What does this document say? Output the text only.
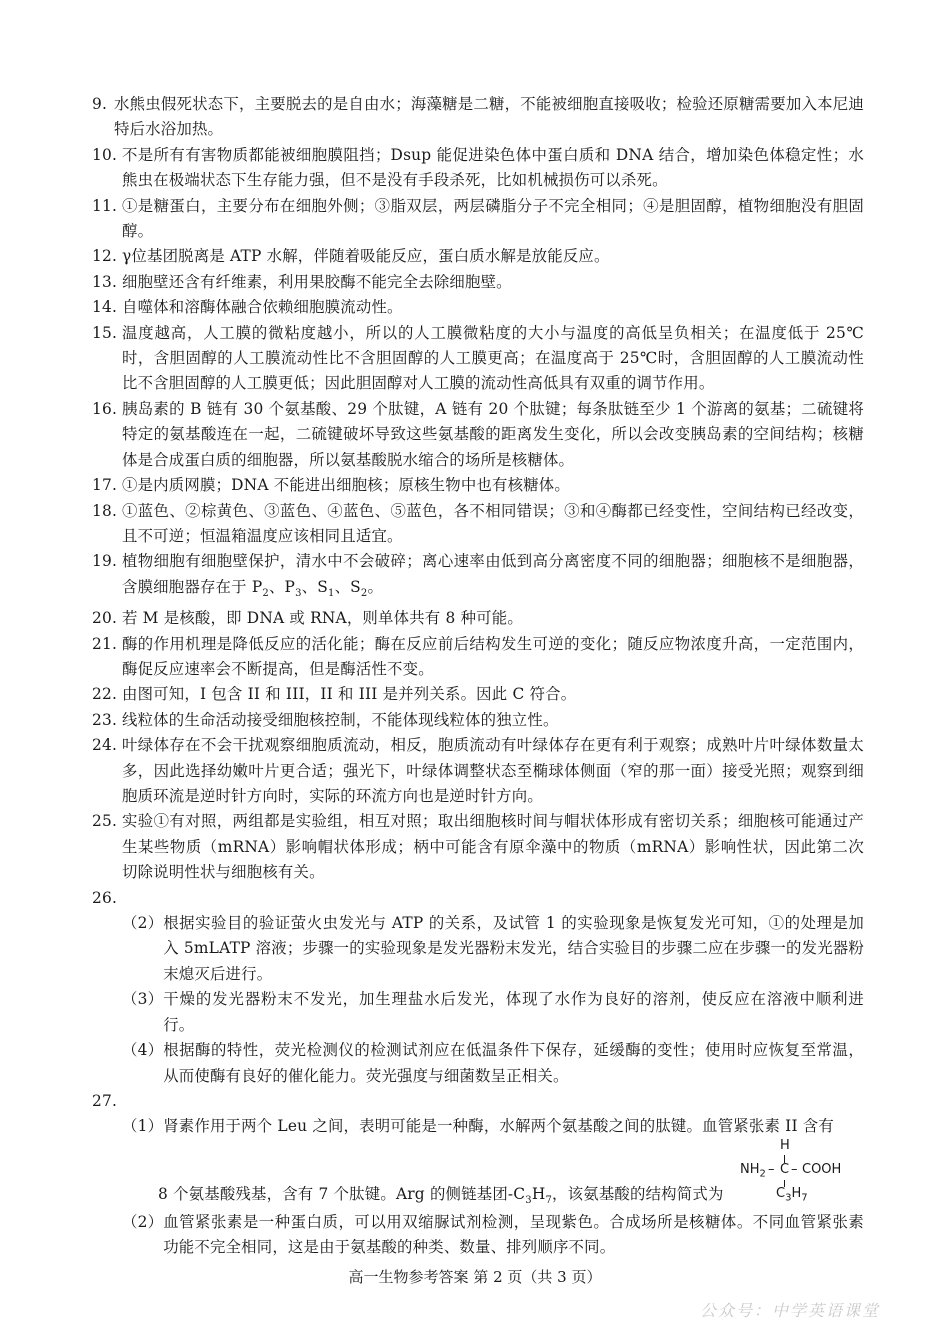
9. 水熊虫假死状态下，主要脱去的是自由水；海藻糖是二糖，不能被细胞直接吸收；检验还原糖需要加入本尼迪特后水浴加热。
10. 不是所有有害物质都能被细胞膜阻挡；Dsup 能促进染色体中蛋白质和 DNA 结合，增加染色体稳定性；水熊虫在极端状态下生存能力强，但不是没有手段杀死，比如机械损伤可以杀死。
11. ①是糖蛋白，主要分布在细胞外侧；③脂双层，两层磷脂分子不完全相同；④是胆固醇，植物细胞没有胆固醇。
12. γ位基团脱离是 ATP 水解，伴随着吸能反应，蛋白质水解是放能反应。
13. 细胞壁还含有纤维素，利用果胶酶不能完全去除细胞壁。
14. 自噬体和溶酶体融合依赖细胞膜流动性。
15. 温度越高，人工膜的微粘度越小，所以的人工膜微粘度的大小与温度的高低呈负相关；在温度低于 25℃时，含胆固醇的人工膜流动性比不含胆固醇的人工膜更高；在温度高于 25℃时，含胆固醇的人工膜流动性比不含胆固醇的人工膜更低；因此胆固醇对人工膜的流动性高低具有双重的调节作用。
16. 胰岛素的 B 链有 30 个氨基酸、29 个肽键，A 链有 20 个肽键；每条肽链至少 1 个游离的氨基；二硫键将特定的氨基酸连在一起，二硫键破坏导致这些氨基酸的距离发生变化，所以会改变胰岛素的空间结构；核糖体是合成蛋白质的细胞器，所以氨基酸脱水缩合的场所是核糖体。
17. ①是内质网膜；DNA 不能进出细胞核；原核生物中也有核糖体。
18. ①蓝色、②棕黄色、③蓝色、④蓝色、⑤蓝色，各不相同错误；③和④酶都已经变性，空间结构已经改变，且不可逆；恒温箱温度应该相同且适宜。
19. 植物细胞有细胞壁保护，清水中不会破碎；离心速率由低到高分离密度不同的细胞器；细胞核不是细胞器，含膜细胞器存在于 $P_2$、$P_3$、$S_1$、$S_2$。
20. 若 M 是核酸，即 DNA 或 RNA，则单体共有 8 种可能。
21. 酶的作用机理是降低反应的活化能；酶在反应前后结构发生可逆的变化；随反应物浓度升高，一定范围内，酶促反应速率会不断提高，但是酶活性不变。
22. 由图可知，I 包含 II 和 III，II 和 III 是并列关系。因此 C 符合。
23. 线粒体的生命活动接受细胞核控制，不能体现线粒体的独立性。
24. 叶绿体存在不会干扰观察细胞质流动，相反，胞质流动有叶绿体存在更有利于观察；成熟叶片叶绿体数量太多，因此选择幼嫩叶片更合适；强光下，叶绿体调整状态至椭球体侧面（窄的那一面）接受光照；观察到细胞质环流是逆时针方向时，实际的环流方向也是逆时针方向。
25. 实验①有对照，两组都是实验组，相互对照；取出细胞核时间与帽状体形成有密切关系；细胞核可能通过产生某些物质（mRNA）影响帽状体形成；柄中可能含有原伞藻中的物质（mRNA）影响性状，因此第二次切除说明性状与细胞核有关。
26.
（2） 根据实验目的验证萤火虫发光与 ATP 的关系，及试管 1 的实验现象是恢复发光可知，①的处理是加入 5mLATP 溶液；步骤一的实验现象是发光器粉末发光，结合实验目的步骤二应在步骤一的发光器粉末熄灭后进行。
（3） 干燥的发光器粉末不发光，加生理盐水后发光，体现了水作为良好的溶剂，使反应在溶液中顺利进行。
（4） 根据酶的特性，荧光检测仪的检测试剂应在低温条件下保存，延缓酶的变性；使用时应恢复至常温，从而使酶有良好的催化能力。荧光强度与细菌数呈正相关。
27.
（1） 肾素作用于两个 Leu 之间，表明可能是一种酶，水解两个氨基酸之间的肽键。血管紧张素 II 含有
H
$NH_2$ – C – COOH
$C_3H_7$
8 个氨基酸残基，含有 7 个肽键。Arg 的侧链基团$-C_3H_7$，该氨基酸的结构简式为
（2） 血管紧张素是一种蛋白质，可以用双缩脲试剂检测，呈现紫色。合成场所是核糖体。不同血管紧张素功能不完全相同，这是由于氨基酸的种类、数量、排列顺序不同。
高一生物参考答案 第 2 页（共 3 页）
公众号：中学英语课堂
